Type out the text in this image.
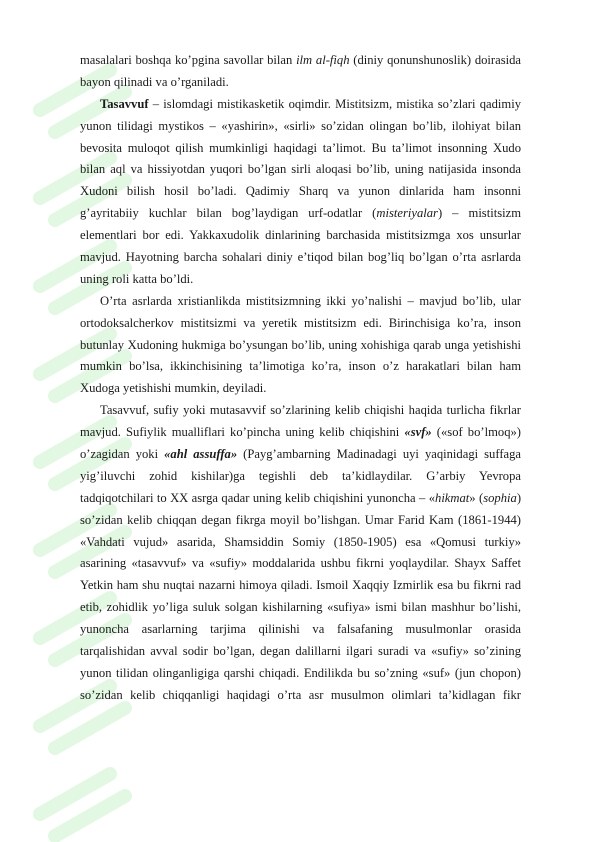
masalalari boshqa ko’pgina savollar bilan ilm al-fiqh (diniy qonunshunoslik) doirasida
bayon qilinadi va o’rganiladi.
Tasavvuf – islomdagi mistikasketik oqimdir. Mistitsizm, mistika so’zlari qadimiy
yunon tilidagi mystikos – «yashirin», «sirli» so’zidan olingan bo’lib, ilohiyat bilan
bevosita muloqot qilish mumkinligi haqidagi ta’limot. Bu ta’limot insonning Xudo
bilan aql va hissiyotdan yuqori bo’lgan sirli aloqasi bo’lib, uning natijasida insonda
Xudoni bilish hosil bo’ladi. Qadimiy Sharq va yunon dinlarida ham insonni
g’ayritabiiy kuchlar bilan bog’laydigan urf-odatlar (misteriyalar) – mistitsizm
elementlari bor edi. Yakkaxudolik dinlarining barchasida mistitsizmga xos unsurlar
mavjud. Hayotning barcha sohalari diniy e’tiqod bilan bog’liq bo’lgan o’rta asrlarda
uning roli katta bo’ldi.
O’rta asrlarda xristianlikda mistitsizmning ikki yo’nalishi – mavjud bo’lib, ular
ortodoksalcherkov mistitsizmi va yeretik mistitsizm edi. Birinchisiga ko’ra, inson
butunlay Xudoning hukmiga bo’ysungan bo’lib, uning xohishiga qarab unga yetishishi
mumkin bo’lsa, ikkinchisining ta’limotiga ko’ra, inson o’z harakatlari bilan ham
Xudoga yetishishi mumkin, deyiladi.
Tasavvuf, sufiy yoki mutasavvif so’zlarining kelib chiqishi haqida turlicha fikrlar
mavjud. Sufiylik mualliflari ko’pincha uning kelib chiqishini «svf» («sof bo’lmoq»)
o’zagidan yoki «ahl assuffa» (Payg’ambarning Madinadagi uyi yaqinidagi suffaga
yig’iluvchi zohid kishilar)ga tegishli deb ta’kidlaydilar. G’arbiy Yevropa
tadqiqotchilari to XX asrga qadar uning kelib chiqishini yunoncha – «hikmat» (sophia)
so’zidan kelib chiqqan degan fikrga moyil bo’lishgan. Umar Farid Kam (1861-1944)
«Vahdati vujud» asarida, Shamsiddin Somiy (1850-1905) esa «Qomusi turkiy»
asarining «tasavvuf» va «sufiy» moddalarida ushbu fikrni yoqlaydilar. Shayx Saffet
Yetkin ham shu nuqtai nazarni himoya qiladi. Ismoil Xaqqiy Izmirlik esa bu fikrni rad
etib, zohidlik yo’liga suluk solgan kishilarning «sufiya» ismi bilan mashhur bo’lishi,
yunoncha asarlarning tarjima qilinishi va falsafaning musulmonlar orasida
tarqalishidan avval sodir bo’lgan, degan dalillarni ilgari suradi va «sufiy» so’zining
yunon tilidan olinganligiga qarshi chiqadi. Endilikda bu so’zning «suf» (jun chopon)
so’zidan kelib chiqqanligi haqidagi o’rta asr musulmon olimlari ta’kidlagan fikr
